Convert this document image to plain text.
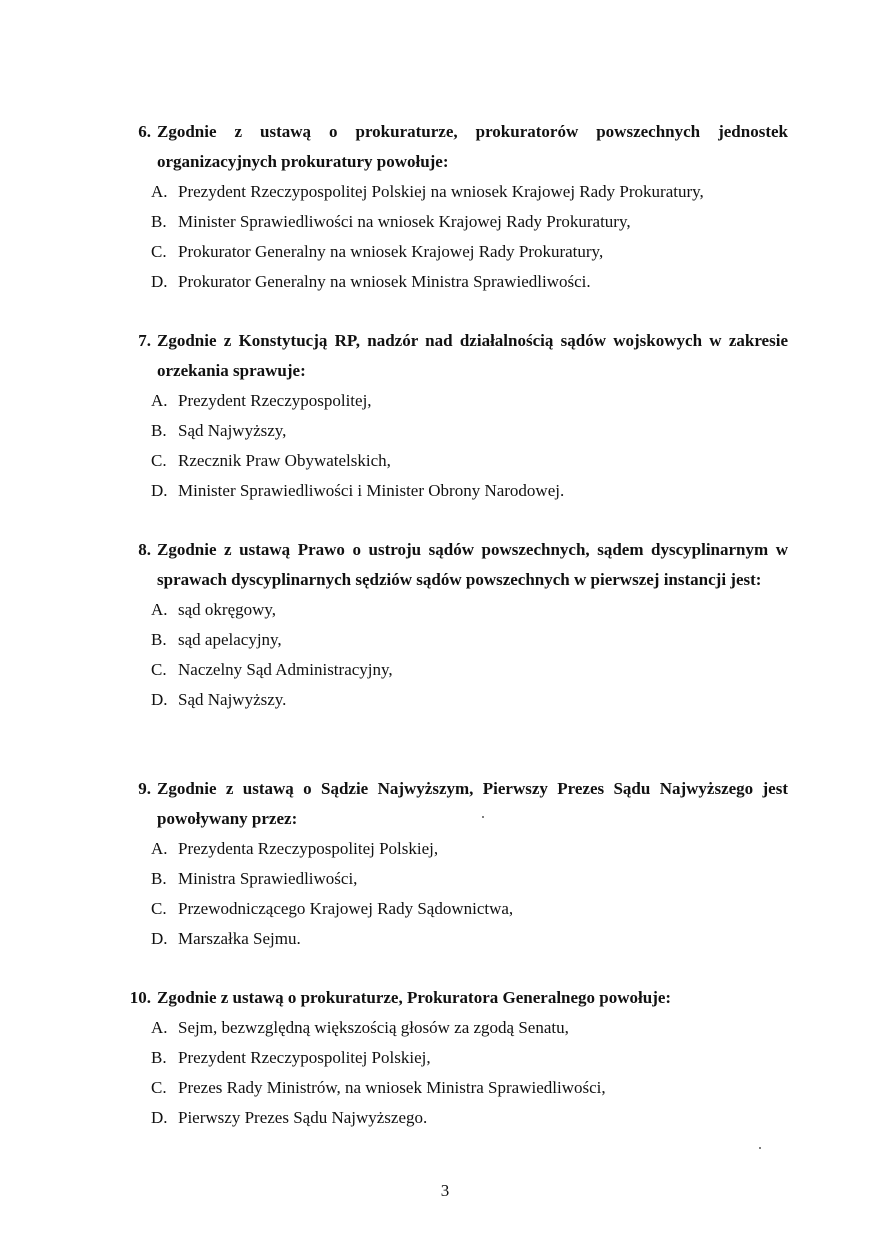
6. Zgodnie z ustawą o prokuraturze, prokuratorów powszechnych jednostek organizacyjnych prokuratury powołuje:
A. Prezydent Rzeczypospolitej Polskiej na wniosek Krajowej Rady Prokuratury,
B. Minister Sprawiedliwości na wniosek Krajowej Rady Prokuratury,
C. Prokurator Generalny na wniosek Krajowej Rady Prokuratury,
D. Prokurator Generalny na wniosek Ministra Sprawiedliwości.
7. Zgodnie z Konstytucją RP, nadzór nad działalnością sądów wojskowych w zakresie orzekania sprawuje:
A. Prezydent Rzeczypospolitej,
B. Sąd Najwyższy,
C. Rzecznik Praw Obywatelskich,
D. Minister Sprawiedliwości i Minister Obrony Narodowej.
8. Zgodnie z ustawą Prawo o ustroju sądów powszechnych, sądem dyscyplinarnym w sprawach dyscyplinarnych sędziów sądów powszechnych w pierwszej instancji jest:
A. sąd okręgowy,
B. sąd apelacyjny,
C. Naczelny Sąd Administracyjny,
D. Sąd Najwyższy.
9. Zgodnie z ustawą o Sądzie Najwyższym, Pierwszy Prezes Sądu Najwyższego jest powoływany przez:
A. Prezydenta Rzeczypospolitej Polskiej,
B. Ministra Sprawiedliwości,
C. Przewodniczącego Krajowej Rady Sądownictwa,
D. Marszałka Sejmu.
10. Zgodnie z ustawą o prokuraturze, Prokuratora Generalnego powołuje:
A. Sejm, bezwzględną większością głosów za zgodą Senatu,
B. Prezydent Rzeczypospolitej Polskiej,
C. Prezes Rady Ministrów, na wniosek Ministra Sprawiedliwości,
D. Pierwszy Prezes Sądu Najwyższego.
3
